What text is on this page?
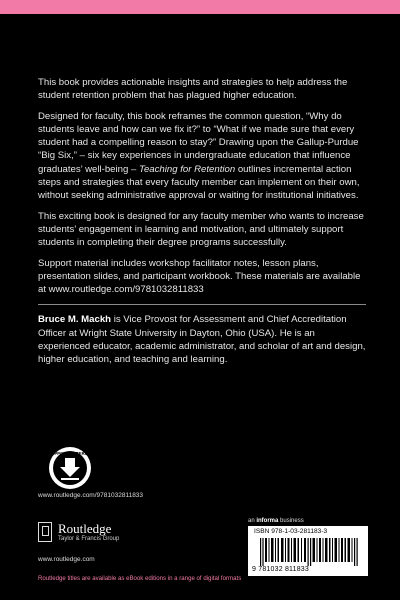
This book provides actionable insights and strategies to help address the student retention problem that has plagued higher education.

Designed for faculty, this book reframes the common question, “Why do students leave and how can we fix it?” to “What if we made sure that every student had a compelling reason to stay?” Drawing upon the Gallup-Purdue “Big Six,” – six key experiences in undergraduate education that influence graduates’ well-being – Teaching for Retention outlines incremental action steps and strategies that every faculty member can implement on their own, without seeking administrative approval or waiting for institutional initiatives.

This exciting book is designed for any faculty member who wants to increase students’ engagement in learning and motivation, and ultimately support students in completing their degree programs successfully.

Support material includes workshop facilitator notes, lesson plans, presentation slides, and participant workbook. These materials are available at www.routledge.com/9781032811833

Bruce M. Mackh is Vice Provost for Assessment and Chief Accreditation Officer at Wright State University in Dayton, Ohio (USA). He is an experienced educator, academic administrator, and scholar of art and design, higher education, and teaching and learning.

SUPPORT MATERIAL
www.routledge.com/9781032811833
Routledge
Taylor & Francis Group
www.routledge.com
Routledge titles are available as eBook editions in a range of digital formats
an informa business
ISBN 978-1-03-281183-3
9 781032 811833
